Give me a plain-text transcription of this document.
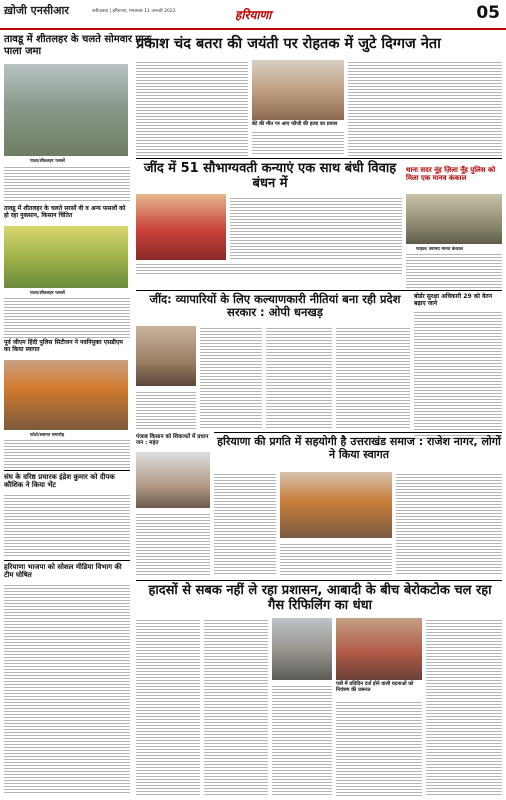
ख़ोजी एनसीआर	फरीदाबाद | हरियाणा, मंगलवार 11 जनवरी 2022	हरियाणा	05
तावडू में शीतलहर के चलते सोमवार प्रातः पाला जमा
पाला/शीतलहर फसलें
तावडू में शीतलहर के चलते सरसों वी व अन्य फसलों को हो रहा नुकसान, किसान चिंतित
पाला/शीतलहर फसलें
पूर्व जीएम हिंदी पुलिस सिटीजन ने नवनियुक्त एसडीएम का किया स्वागत
फोटो/स्वागत समारोह
संघ के वरिष्ठ प्रचारक इंद्रेश कुमार को दीपक कौशिक ने किया भेंट
हरियाणा भाजपा को सोशल मीडिया विभाग की टीम घोषित
प्रकाश चंद बतरा की जयंती पर रोहतक में जुटे दिग्गज नेता
बेटे की मौत पर आए फौजी की हत्या का प्रयास
जींद में 51 सौभाग्यवती कन्याएं एक साथ बंधी विवाह बंधन में
थाना सदर नूंह ज़िला नूँह पुलिस को मिला एक मानव कंकाल
फाइल/ बरामद मानव कंकाल
जींद: व्यापारियों के लिए कल्याणकारी नीतियां बना रही प्रदेश सरकार : ओपी धनखड़
बोर्डर सुरक्षा अधिकारी 29 को वेतन बढ़ाए जाने
पंजाब किसान को शिकायतें में प्रधान जन : महंत	हरियाणा की प्रगति में सहयोगी है उत्तराखंड समाज : राजेश नागर, लोगों ने किया स्वागत
हादसों से सबक नहीं ले रहा प्रशासन, आबादी के बीच बेरोकटोक चल रहा गैस रिफिलिंग का धंधा
पत्रों में प्रतिदिन दर्ज होने वाली घटनाओं को नियंत्रण की जरूरत
